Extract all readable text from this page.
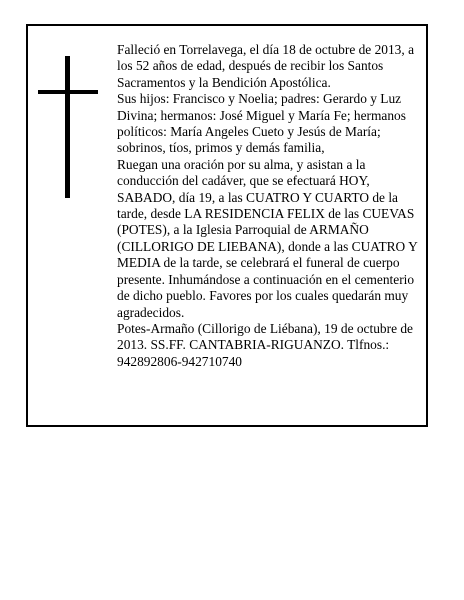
Falleció en Torrelavega, el día 18 de octubre de 2013, a los 52 años de edad, después de recibir los Santos Sacramentos y la Bendición Apostólica.

Sus hijos: Francisco y Noelia; padres: Gerardo y Luz Divina; hermanos: José Miguel y María Fe; hermanos políticos: María Angeles Cueto y Jesús de María; sobrinos, tíos, primos y demás familia,

Ruegan una oración por su alma, y asistan a la conducción del cadáver, que se efectuará HOY, SABADO, día 19, a las CUATRO Y CUARTO de la tarde, desde LA RESIDENCIA FELIX de las CUEVAS (POTES), a la Iglesia Parroquial de ARMAÑO (CILLORIGO DE LIEBANA), donde a las CUATRO Y MEDIA de la tarde, se celebrará el funeral de cuerpo presente. Inhumándose a continuación en el cementerio de dicho pueblo. Favores por los cuales quedarán muy agradecidos.

Potes-Armaño (Cillorigo de Liébana), 19 de octubre de 2013. SS.FF. CANTABRIA-RIGUANZO. Tlfnos.: 942892806-942710740
